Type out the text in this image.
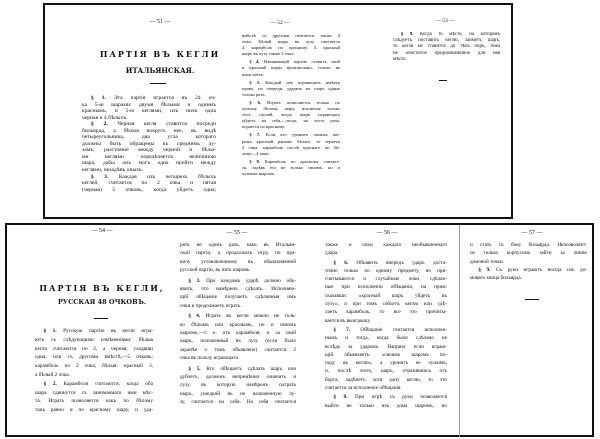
— 51 —
ПАРТІЯ ВЪ КЕГЛИ
ИТАЛЬЯНСКАЯ.
§ 1. Эта партія играется въ 24 оч-
ка 5-ю шарами: двумя бѣлыми и однимъ
краснымъ, и 5-ю кеглями, изъ нихъ одна
черная и 4 бѣлыхъ.
§ 2. Черная кегля ставится посреди
бильярда, а бѣлыя вокругъ нее, въ видѣ
четыреугольника, два угла котораго
должны быть обращены къ среднимъ лу-
замъ; разстояніе между черной и бѣлы-
ми кеглями опредѣляется величиною
шара, дабы онъ могъ одна пройти между
кеглями, незадѣвъ оныхъ.
§ 3. Каждая изъ четырехъ бѣлыхъ
кеглей, считается по 2 очка и пятая
(черная) 5 очковъ, когда уйдетъ одна;
— 52 —
вмѣстѣ съ другими считается также 2
очка. Бѣлый шаръ въ лузу считается
2, карамболь по красному 3, красный
шаръ въ лузу также 2 очка.
§ 4. Начинающій партію ставитъ свой
и красный шары произвольно, только въ
нихъ кіёчъ.
§ 5. Каждый изъ играющихъ имѣетъ
право, по очереди, ударить въ шаръ одинъ
только разъ.
§ 6. Играть позволяется только по
чужому бѣлому шару, исключая только
тотъ случай, когда шаръ играющаго
уйдетъ на себя,—тогда, на этотъ разъ,
играется по красному.
§ 7. Если кто уронитъ своимъ ша-
ромъ красный раньше бѣлаго, то теряетъ
2 очка; карамболь послѣ краснаго по бѣ-
лому—4 очка.
§ 8. Карамболь по красному считает-
ся, задѣвъ его не только своимъ, но и
чужимъ шаромъ.
— 53 —
§ 9. Когда то мѣсто, на которомъ
слѣдуетъ поставить кеглю, займетъ шаръ,
то кегля не ставится до тѣхъ поръ, пока
не очистится предназначенное для нея
мѣсто.
— 54 —
ПАРТІЯ ВЪ КЕГЛИ,
РУССКАЯ 48 ОЧКОВЪ.
§ 1. Русскую партію въ кегли игра-
ютъ съ слѣдующими измѣненіями: бѣлыя
кегли считаются по 2, а черная, уходящи
одна, или съ другими вмѣстѣ,—5 очковъ;
карамболь по 2 очка; бѣлыя: красный 3,
а бѣлый 2 очка.
§ 2. Карамболи считаются, когда оба
шара сдвинутся съ занимаемаго ими мѣс-
та. Играть позволяется какъ по бѣлому
такъ равно и по красному шару, и уда-
— 55 —
рять не одинъ разъ, какъ въ Итальян-
ской партіи, а продолжать игру, по пра-
вилу установленному въ обыкновенной
русской партіи, въ пять шаровъ.
§ 3. При каждомъ ударѣ должно объ-
явить, что намѣренъ сдѣлать. Исполняю-
щій обѣщаніе получаетъ сдѣланныя имъ
очки и продолжаетъ играть.
§ 4. Играть въ кегли можно не толь-
ко бѣлымъ или краснымъ, но и своимъ
шаромъ,—т. е. отъ карамболя; и за свой
шаръ, положенный въ лузу (если было
заранѣе о томъ объявлено) считается 2
очка въ пользу играющаго.
§ 5. Кто обѣщаетъ сдѣлать шаръ или
дублетъ, долженъ непремѣнно означить и
лузу, въ которую намѣренъ сыграть
шаръ, ушедшій въ не назначенную лу-
зу, считается на себя. На себя считается
— 56 —
также и очки каждаго необъявленнаго
удара.
§ 6. Объявить впередъ ударъ доста-
точно только по одному предмету, но при-
считываются и случайные очки, сдѣлан-
ные при исполненіи обѣщанія, на прим:
сказавши: «красный шаръ уйдетъ въ
лузу», и при томъ собьетъ кеглю или сдѣ-
лаетъ карамболь, то все это причиты-
вается въ выигрышу.
§ 7. Обѣщаніе считается исполнен-
нымъ и тогда, когда было сдѣлано не
вслѣдъ за ударомъ. Наприм: если играю-
щій объявляетъ: «своимъ шаромъ по-
паду въ кеглю», а уронитъ ее чужимъ,
и, послѣ этого, шаръ, отразившись отъ
борта, задѣнетъ хотя одну кеглю, то это
считается за исполненіе обѣщанія.
§ 8. При игрѣ съ руки позволяется
выйти не только изъ дома шаромъ, но
— 57 —
и стать съ боку бильярда. Непозволяет-
ся только корпусомъ зайти за линію
домовой точки.
§ 9. Съ руки играютъ всегда изъ до-
моваго конца бильярда.
